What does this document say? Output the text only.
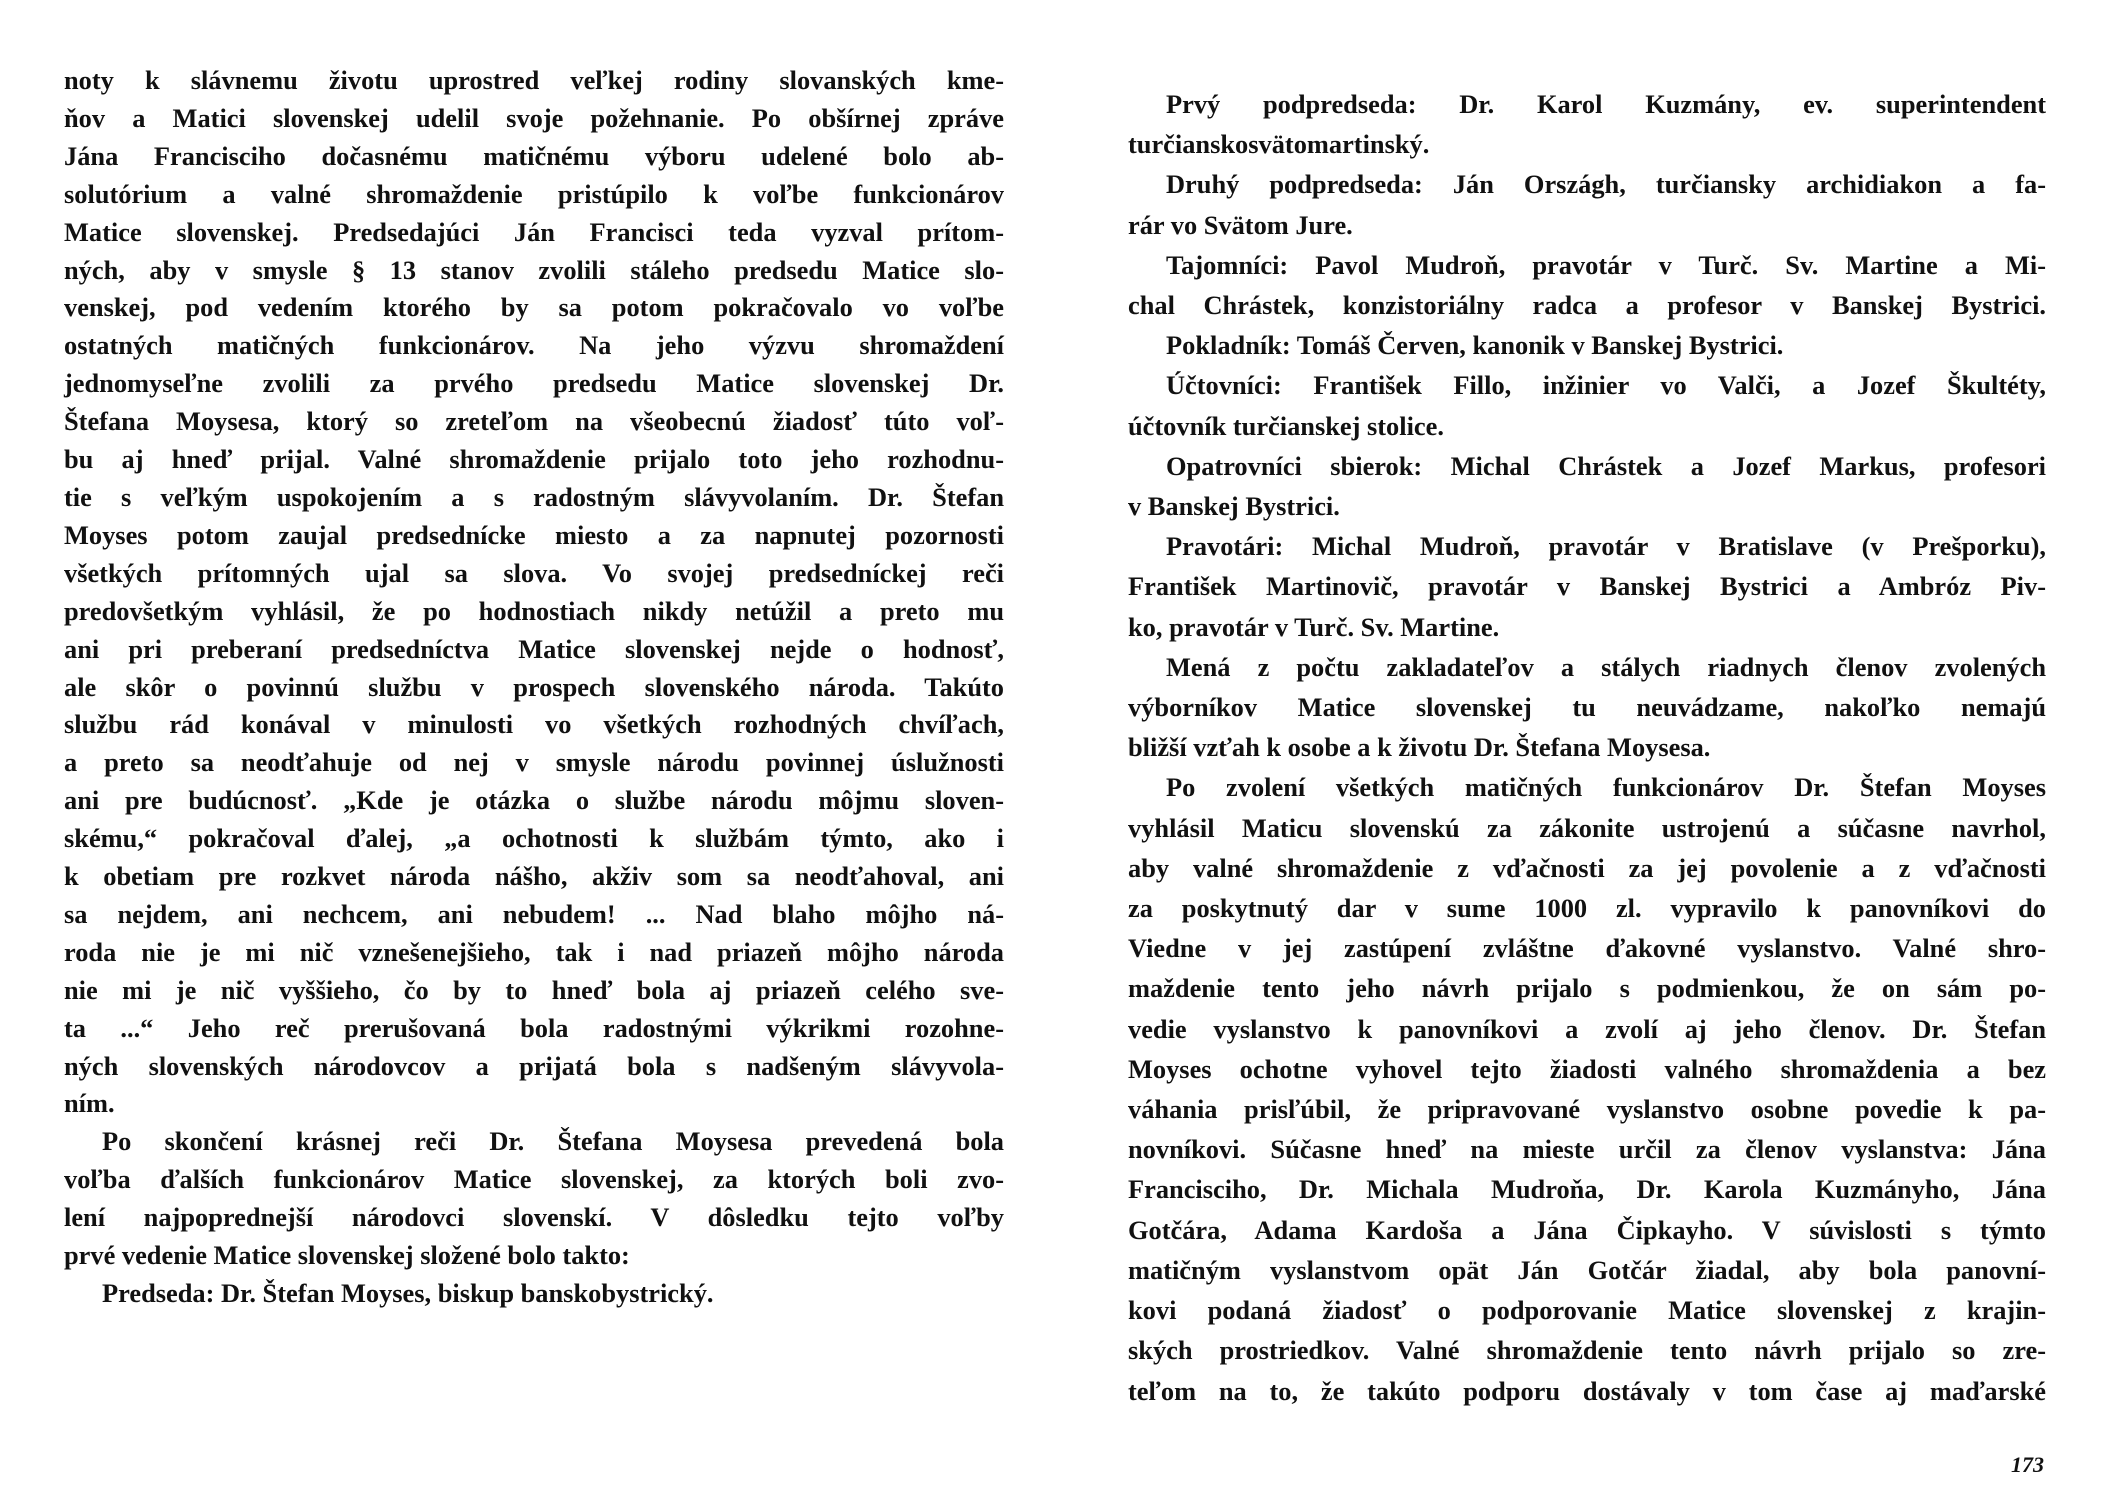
noty k slávnemu životu uprostred veľkej rodiny slovanských kme-
ňov a Matici slovenskej udelil svoje požehnanie. Po obšírnej zpráve
Jána Francisciho dočasnému matičnému výboru udelené bolo ab-
solutórium a valné shromaždenie pristúpilo k voľbe funkcionárov
Matice slovenskej. Predsedajúci Ján Francisci teda vyzval prítom-
ných, aby v smysle § 13 stanov zvolili stáleho predsedu Matice slo-
venskej, pod vedením ktorého by sa potom pokračovalo vo voľbe
ostatných matičných funkcionárov. Na jeho výzvu shromaždení
jednomyseľne zvolili za prvého predsedu Matice slovenskej Dr.
Štefana Moysesa, ktorý so zreteľom na všeobecnú žiadosť túto voľ-
bu aj hneď prijal. Valné shromaždenie prijalo toto jeho rozhodnu-
tie s veľkým uspokojením a s radostným slávyvolaním. Dr. Štefan
Moyses potom zaujal predsednícke miesto a za napnutej pozornosti
všetkých prítomných ujal sa slova. Vo svojej predsedníckej reči
predovšetkým vyhlásil, že po hodnostiach nikdy netúžil a preto mu
ani pri preberaní predsedníctva Matice slovenskej nejde o hodnosť,
ale skôr o povinnú službu v prospech slovenského národa. Takúto
službu rád konával v minulosti vo všetkých rozhodných chvíľach,
a preto sa neodťahuje od nej v smysle národu povinnej úslužnosti
ani pre budúcnosť. „Kde je otázka o službe národu môjmu sloven-
skému,“ pokračoval ďalej, „a ochotnosti k službám týmto, ako i
k obetiam pre rozkvet národa nášho, akživ som sa neodťahoval, ani
sa nejdem, ani nechcem, ani nebudem! ... Nad blaho môjho ná-
roda nie je mi nič vznešenejšieho, tak i nad priazeň môjho národa
nie mi je nič vyššieho, čo by to hneď bola aj priazeň celého sve-
ta ...“ Jeho reč prerušovaná bola radostnými výkrikmi rozohne-
ných slovenských národovcov a prijatá bola s nadšeným slávyvola-
ním.
Po skončení krásnej reči Dr. Štefana Moysesa prevedená bola
voľba ďalších funkcionárov Matice slovenskej, za ktorých boli zvo-
lení najpoprednejší národovci slovenskí. V dôsledku tejto voľby
prvé vedenie Matice slovenskej složené bolo takto:
Predseda: Dr. Štefan Moyses, biskup banskobystrický.
Prvý podpredseda: Dr. Karol Kuzmány, ev. superintendent
turčianskosvätomartinský.
Druhý podpredseda: Ján Országh, turčiansky archidiakon a fa-
rár vo Svätom Jure.
Tajomníci: Pavol Mudroň, pravotár v Turč. Sv. Martine a Mi-
chal Chrástek, konzistoriálny radca a profesor v Banskej Bystrici.
Pokladník: Tomáš Červen, kanonik v Banskej Bystrici.
Účtovníci: František Fillo, inžinier vo Valči, a Jozef Škultéty,
účtovník turčianskej stolice.
Opatrovníci sbierok: Michal Chrástek a Jozef Markus, profesori
v Banskej Bystrici.
Pravotári: Michal Mudroň, pravotár v Bratislave (v Prešporku),
František Martinovič, pravotár v Banskej Bystrici a Ambróz Piv-
ko, pravotár v Turč. Sv. Martine.
Mená z počtu zakladateľov a stálych riadnych členov zvolených
výborníkov Matice slovenskej tu neuvádzame, nakoľko nemajú
bližší vzťah k osobe a k životu Dr. Štefana Moysesa.
Po zvolení všetkých matičných funkcionárov Dr. Štefan Moyses
vyhlásil Maticu slovenskú za zákonite ustrojenú a súčasne navrhol,
aby valné shromaždenie z vďačnosti za jej povolenie a z vďačnosti
za poskytnutý dar v sume 1000 zl. vypravilo k panovníkovi do
Viedne v jej zastúpení zvláštne ďakovné vyslanstvo. Valné shro-
maždenie tento jeho návrh prijalo s podmienkou, že on sám po-
vedie vyslanstvo k panovníkovi a zvolí aj jeho členov. Dr. Štefan
Moyses ochotne vyhovel tejto žiadosti valného shromaždenia a bez
váhania prisľúbil, že pripravované vyslanstvo osobne povedie k pa-
novníkovi. Súčasne hneď na mieste určil za členov vyslanstva: Jána
Francisciho, Dr. Michala Mudroňa, Dr. Karola Kuzmányho, Jána
Gotčára, Adama Kardoša a Jána Čipkayho. V súvislosti s týmto
matičným vyslanstvom opät Ján Gotčár žiadal, aby bola panovní-
kovi podaná žiadosť o podporovanie Matice slovenskej z krajin-
ských prostriedkov. Valné shromaždenie tento návrh prijalo so zre-
teľom na to, že takúto podporu dostávaly v tom čase aj maďarské
173
